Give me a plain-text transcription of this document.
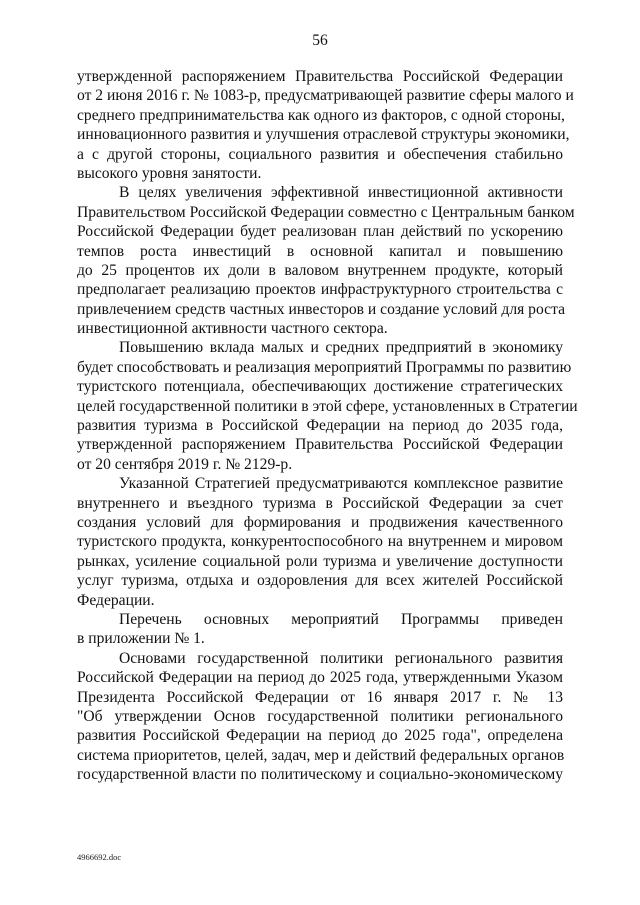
56
утвержденной распоряжением Правительства Российской Федерации
от 2 июня 2016 г. № 1083-р, предусматривающей развитие сферы малого и
среднего предпринимательства как одного из факторов, с одной стороны,
инновационного развития и улучшения отраслевой структуры экономики,
а с другой стороны, социального развития и обеспечения стабильно
высокого уровня занятости.
В целях увеличения эффективной инвестиционной активности
Правительством Российской Федерации совместно с Центральным банком
Российской Федерации будет реализован план действий по ускорению
темпов роста инвестиций в основной капитал и повышению
до 25 процентов их доли в валовом внутреннем продукте, который
предполагает реализацию проектов инфраструктурного строительства с
привлечением средств частных инвесторов и создание условий для роста
инвестиционной активности частного сектора.
Повышению вклада малых и средних предприятий в экономику
будет способствовать и реализация мероприятий Программы по развитию
туристского потенциала, обеспечивающих достижение стратегических
целей государственной политики в этой сфере, установленных в Стратегии
развития туризма в Российской Федерации на период до 2035 года,
утвержденной распоряжением Правительства Российской Федерации
от 20 сентября 2019 г. № 2129-р.
Указанной Стратегией предусматриваются комплексное развитие
внутреннего и въездного туризма в Российской Федерации за счет
создания условий для формирования и продвижения качественного
туристского продукта, конкурентоспособного на внутреннем и мировом
рынках, усиление социальной роли туризма и увеличение доступности
услуг туризма, отдыха и оздоровления для всех жителей Российской
Федерации.
Перечень основных мероприятий Программы приведен
в приложении № 1.
Основами государственной политики регионального развития
Российской Федерации на период до 2025 года, утвержденными Указом
Президента Российской Федерации от 16 января 2017 г. № 13
"Об утверждении Основ государственной политики регионального
развития Российской Федерации на период до 2025 года", определена
система приоритетов, целей, задач, мер и действий федеральных органов
государственной власти по политическому и социально-экономическому
4966692.doc
